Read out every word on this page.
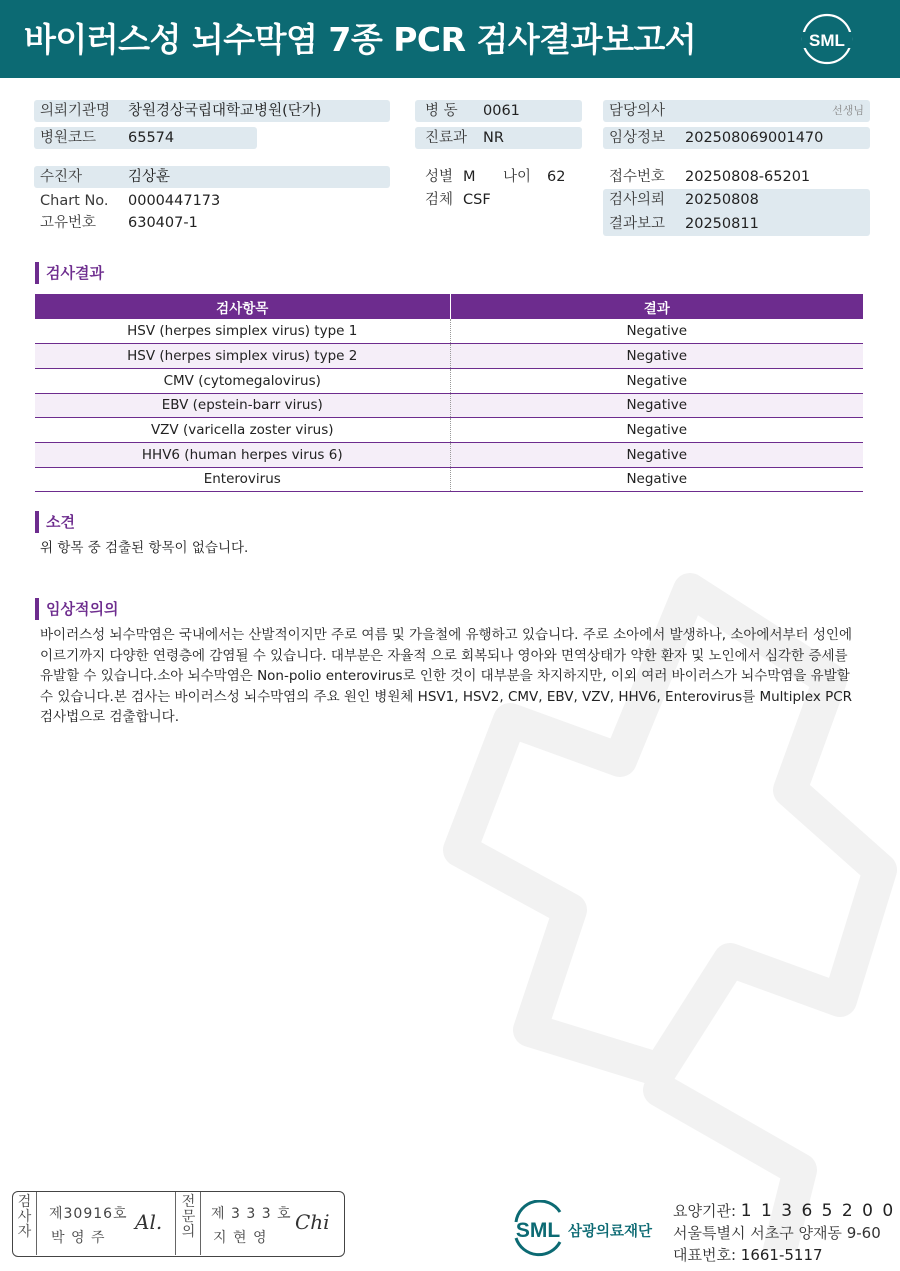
바이러스성 뇌수막염 7종 PCR 검사결과보고서	SML
의뢰기관명 창원경상국립대학교병원(단가)
병원코드 65574
수진자	김상훈
Chart No. 0000447173
고유번호 630407-1
병 동 0061
진료과 NR
성별 M 나이 62
검체 CSF
담당의사	선생님
임상정보 202508069001470
접수번호 20250808-65201
검사의뢰 20250808
결과보고 20250811
검사결과
검사항목	결과
HSV (herpes simplex virus) type 1	Negative
HSV (herpes simplex virus) type 2	Negative
CMV (cytomegalovirus)	Negative
EBV (epstein-barr virus)	Negative
VZV (varicella zoster virus)	Negative
HHV6 (human herpes virus 6)	Negative
Enterovirus	Negative
소견
위 항목 중 검출된 항목이 없습니다.
임상적의의
바이러스성 뇌수막염은 국내에서는 산발적이지만 주로 여름 및 가을철에 유행하고 있습니다. 주로 소아에서 발생하나, 소아에서부터 성인에
이르기까지 다양한 연령층에 감염될 수 있습니다. 대부분은 자율적 으로 회복되나 영아와 면역상태가 약한 환자 및 노인에서 심각한 증세를
유발할 수 있습니다.소아 뇌수막염은 Non-polio enterovirus로 인한 것이 대부분을 차지하지만, 이외 여러 바이러스가 뇌수막염을 유발할
수 있습니다.본 검사는 바이러스성 뇌수막염의 주요 원인 병원체 HSV1, HSV2, CMV, EBV, VZV, HHV6, Enterovirus를 Multiplex PCR
검사법으로 검출합니다.
검사자
제30916호
박 영 주
Al.
전문의
제 3 3 3 호
지 현 영
Chi	SML 삼광의료재단
요양기관: 1 1 3 6 5 2 0 0
서울특별시 서초구 양재동 9-60
대표번호: 1661-5117
